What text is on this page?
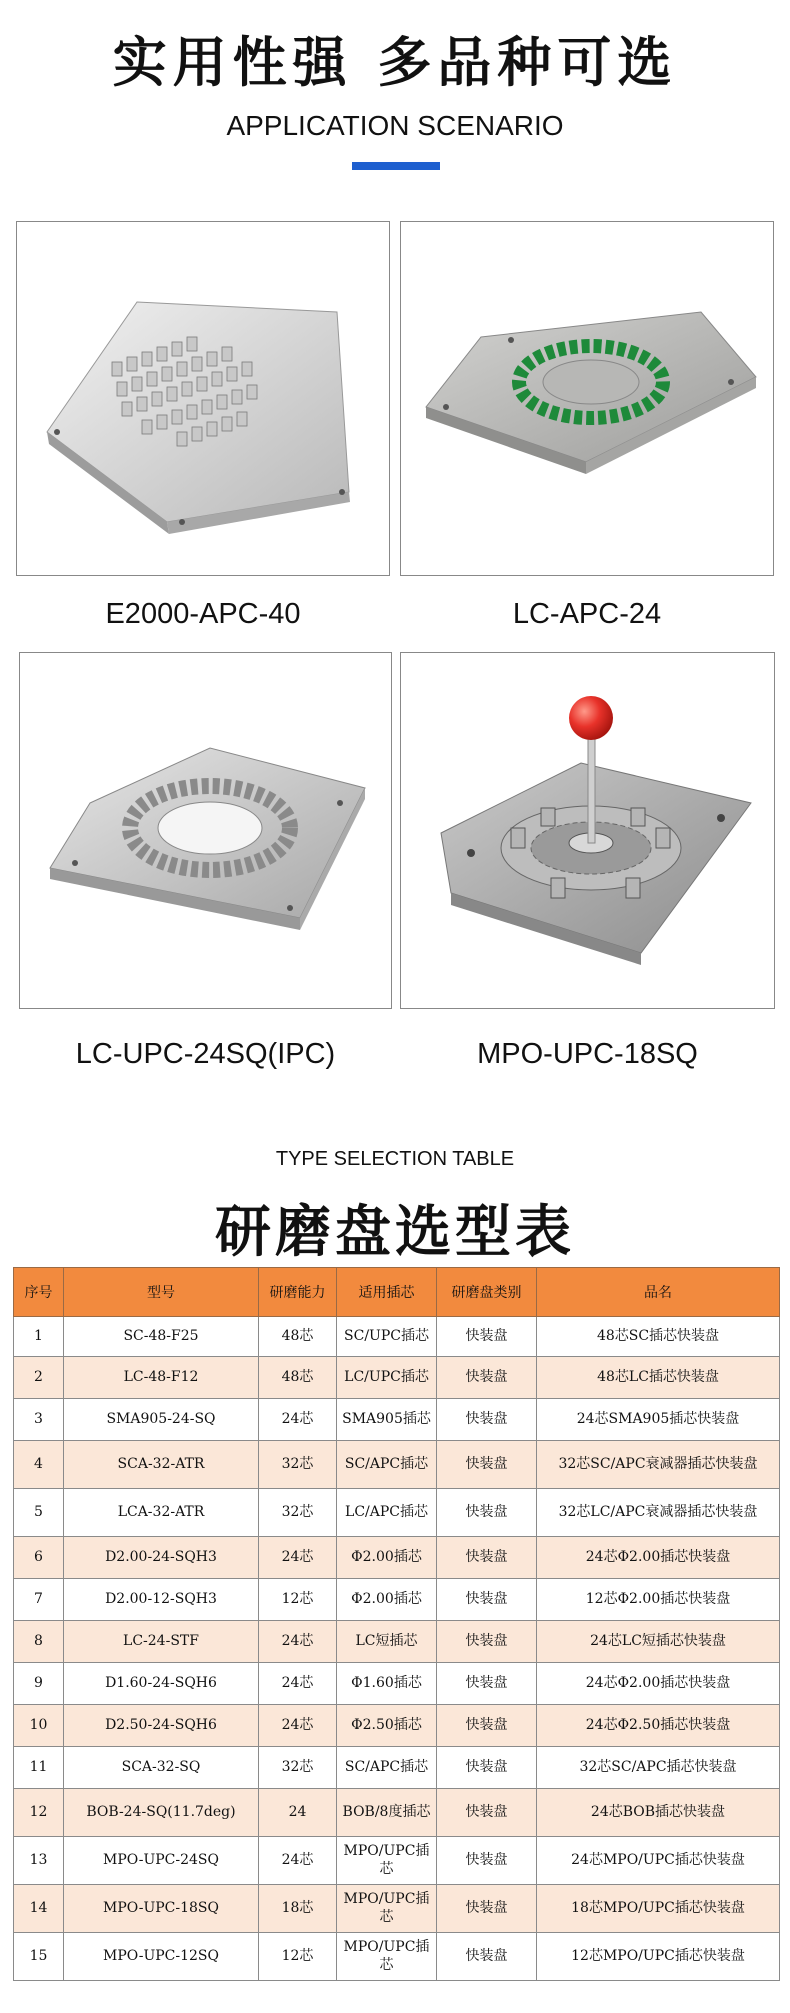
实用性强 多品种可选
APPLICATION SCENARIO
E2000-APC-40	LC-APC-24
LC-UPC-24SQ(IPC)	MPO-UPC-18SQ
TYPE SELECTION TABLE
研磨盘选型表
序号	型号	研磨能力	适用插芯	研磨盘类别	品名
1	SC-48-F25	48芯	SC/UPC插芯	快装盘	48芯SC插芯快装盘
2	LC-48-F12	48芯	LC/UPC插芯	快装盘	48芯LC插芯快装盘
3	SMA905-24-SQ	24芯	SMA905插芯	快装盘	24芯SMA905插芯快装盘
4	SCA-32-ATR	32芯	SC/APC插芯	快装盘	32芯SC/APC衰减器插芯快装盘
5	LCA-32-ATR	32芯	LC/APC插芯	快装盘	32芯LC/APC衰减器插芯快装盘
6	D2.00-24-SQH3	24芯	Φ2.00插芯	快装盘	24芯Φ2.00插芯快装盘
7	D2.00-12-SQH3	12芯	Φ2.00插芯	快装盘	12芯Φ2.00插芯快装盘
8	LC-24-STF	24芯	LC短插芯	快装盘	24芯LC短插芯快装盘
9	D1.60-24-SQH6	24芯	Φ1.60插芯	快装盘	24芯Φ2.00插芯快装盘
10	D2.50-24-SQH6	24芯	Φ2.50插芯	快装盘	24芯Φ2.50插芯快装盘
11	SCA-32-SQ	32芯	SC/APC插芯	快装盘	32芯SC/APC插芯快装盘
12	BOB-24-SQ(11.7deg)	24	BOB/8度插芯	快装盘	24芯BOB插芯快装盘
13	MPO-UPC-24SQ	24芯	MPO/UPC插芯	快装盘	24芯MPO/UPC插芯快装盘
14	MPO-UPC-18SQ	18芯	MPO/UPC插芯	快装盘	18芯MPO/UPC插芯快装盘
15	MPO-UPC-12SQ	12芯	MPO/UPC插芯	快装盘	12芯MPO/UPC插芯快装盘
